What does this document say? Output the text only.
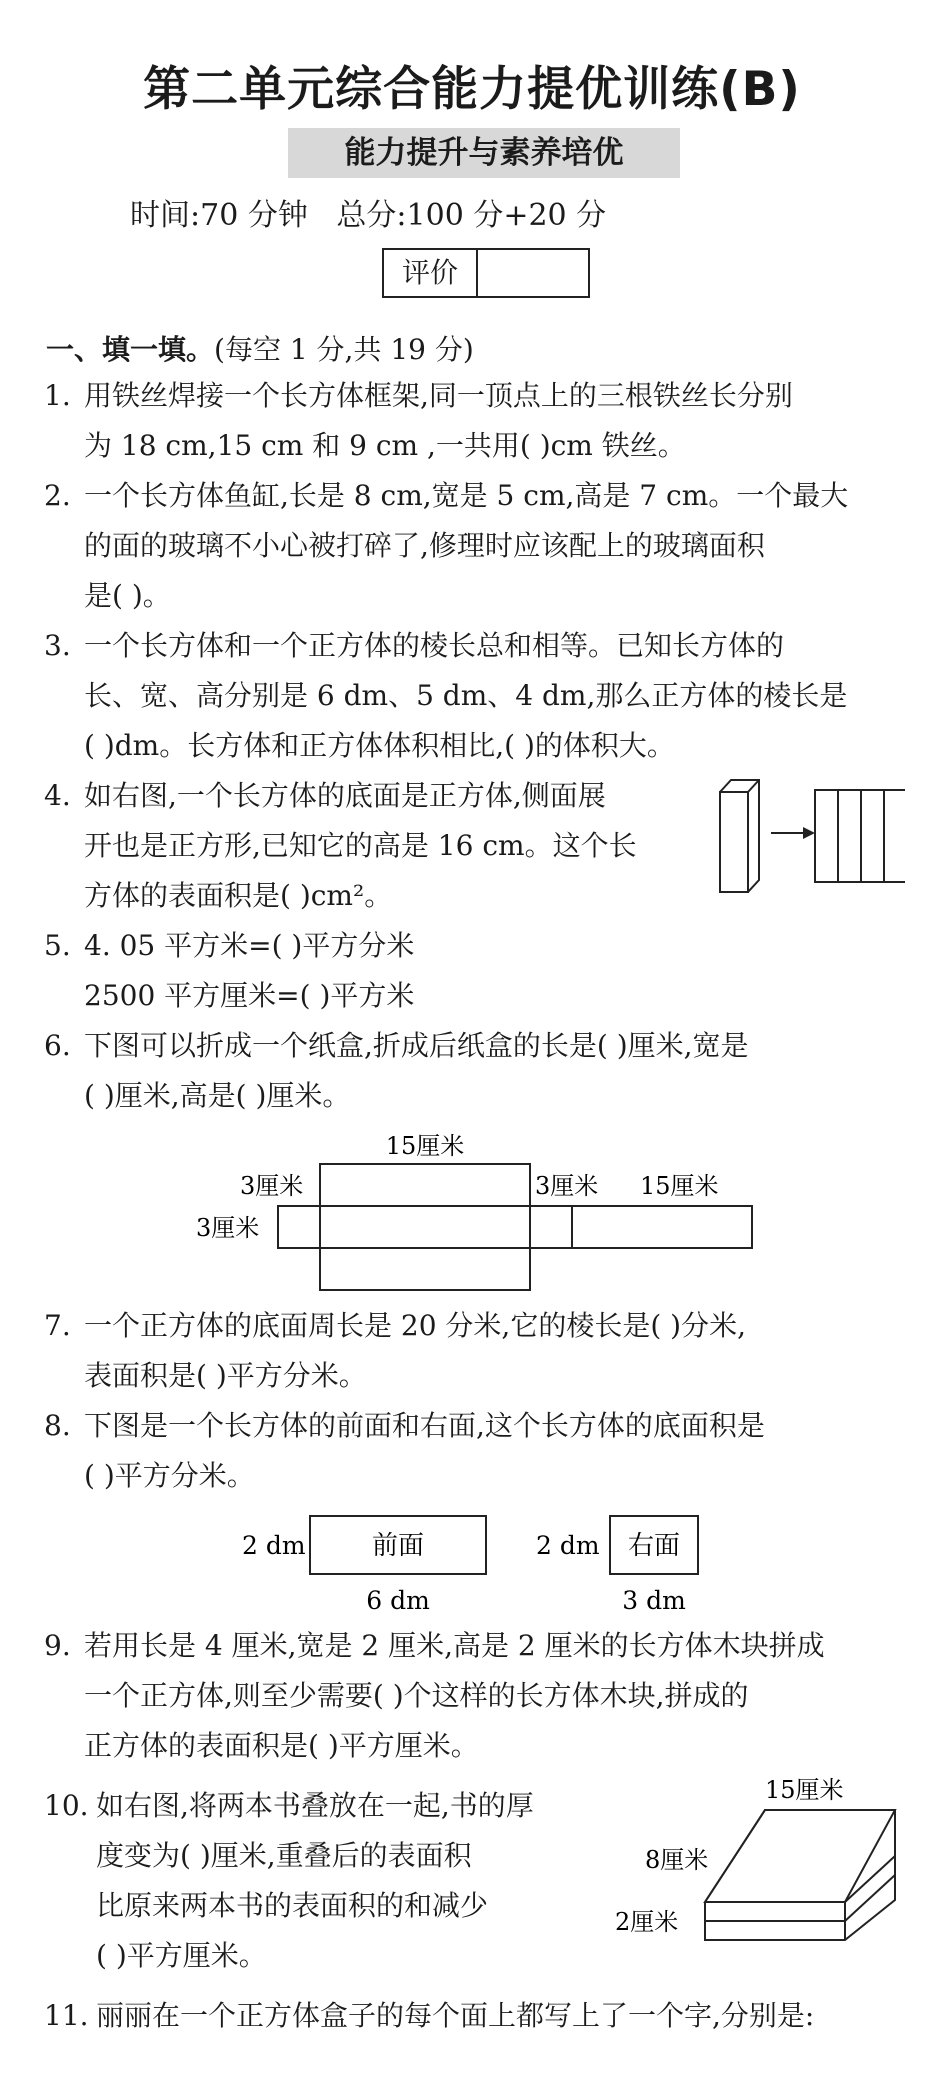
第二单元综合能力提优训练(B)
能力提升与素养培优
时间:70 分钟   总分:100 分+20 分
评价
一、填一填。(每空 1 分,共 19 分)
1. 用铁丝焊接一个长方体框架,同一顶点上的三根铁丝长分别
为 18 cm,15 cm 和 9 cm ,一共用( )cm 铁丝。
2. 一个长方体鱼缸,长是 8 cm,宽是 5 cm,高是 7 cm。一个最大
的面的玻璃不小心被打碎了,修理时应该配上的玻璃面积
是( )。
3. 一个长方体和一个正方体的棱长总和相等。已知长方体的
长、宽、高分别是 6 dm、5 dm、4 dm,那么正方体的棱长是
( )dm。长方体和正方体体积相比,( )的体积大。
4. 如右图,一个长方体的底面是正方体,侧面展
开也是正方形,已知它的高是 16 cm。这个长
方体的表面积是( )cm²。
5. 4. 05 平方米=( )平方分米
2500 平方厘米=( )平方米
6. 下图可以折成一个纸盒,折成后纸盒的长是( )厘米,宽是
( )厘米,高是( )厘米。
15厘米
3厘米
3厘米
3厘米 15厘米
7. 一个正方体的底面周长是 20 分米,它的棱长是( )分米,
表面积是( )平方分米。
8. 下图是一个长方体的前面和右面,这个长方体的底面积是
( )平方分米。
前面	右面
2 dm
6 dm
2 dm
3 dm
9. 若用长是 4 厘米,宽是 2 厘米,高是 2 厘米的长方体木块拼成
一个正方体,则至少需要( )个这样的长方体木块,拼成的
正方体的表面积是( )平方厘米。
10. 如右图,将两本书叠放在一起,书的厚
度变为( )厘米,重叠后的表面积
比原来两本书的表面积的和减少
( )平方厘米。
15厘米
8厘米
2厘米
11. 丽丽在一个正方体盒子的每个面上都写上了一个字,分别是:
